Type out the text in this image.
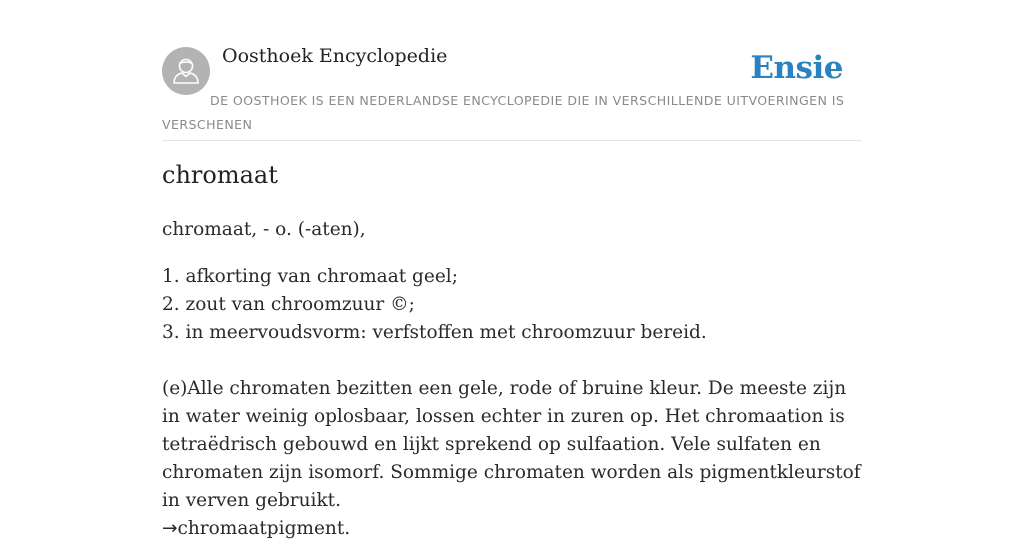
Oosthoek Encyclopedie	Ensie
DE OOSTHOEK IS EEN NEDERLANDSE ENCYCLOPEDIE DIE IN VERSCHILLENDE UITVOERINGEN IS VERSCHENEN
chromaat
chromaat, - o. (-aten),
1. afkorting van chromaat geel;
2. zout van chroomzuur ©;
3. in meervoudsvorm: verfstoffen met chroomzuur bereid.

(e)Alle chromaten bezitten een gele, rode of bruine kleur. De meeste zijn in water weinig oplosbaar, lossen echter in zuren op. Het chromaation is tetraëdrisch gebouwd en lijkt sprekend op sulfaation. Vele sulfaten en chromaten zijn isomorf. Sommige chromaten worden als pigmentkleurstof in verven gebruikt.
→chromaatpigment.
